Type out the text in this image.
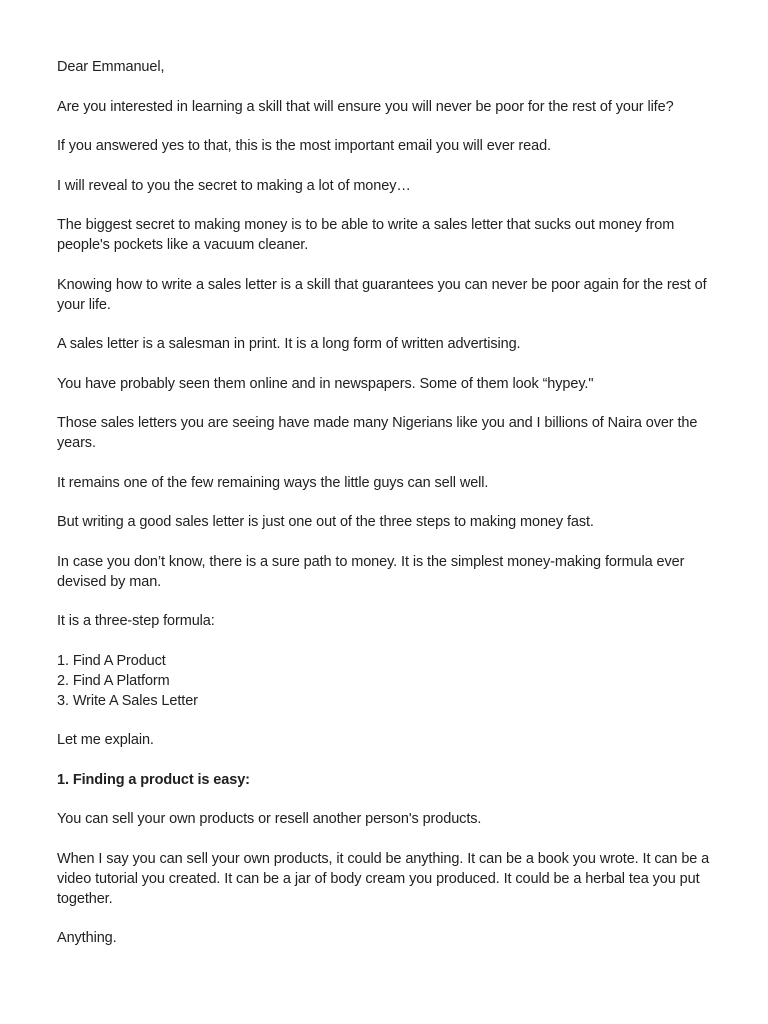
Dear Emmanuel,

Are you interested in learning a skill that will ensure you will never be poor for the rest of your life?

If you answered yes to that, this is the most important email you will ever read.

I will reveal to you the secret to making a lot of money…

The biggest secret to making money is to be able to write a sales letter that sucks out money from people's pockets like a vacuum cleaner.

Knowing how to write a sales letter is a skill that guarantees you can never be poor again for the rest of your life.

A sales letter is a salesman in print. It is a long form of written advertising.

You have probably seen them online and in newspapers. Some of them look “hypey."

Those sales letters you are seeing have made many Nigerians like you and I billions of Naira over the years.

It remains one of the few remaining ways the little guys can sell well.

But writing a good sales letter is just one out of the three steps to making money fast.

In case you don’t know, there is a sure path to money. It is the simplest money-making formula ever devised by man.

It is a three-step formula:

1. Find A Product
2. Find A Platform
3. Write A Sales Letter

Let me explain.

1. Finding a product is easy:

You can sell your own products or resell another person's products.

When I say you can sell your own products, it could be anything. It can be a book you wrote. It can be a video tutorial you created. It can be a jar of body cream you produced. It could be a herbal tea you put together.

Anything.
